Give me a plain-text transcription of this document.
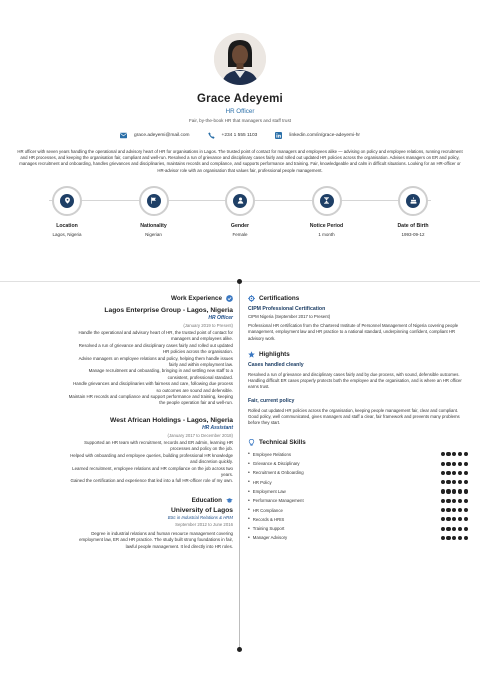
Grace Adeyemi
HR Officer
Fair, by-the-book HR that managers and staff trust
grace.adeyemi@mail.com	+234 1 555 1103	linkedin.com/in/grace-adeyemi-hr

HR officer with seven years handling the operational and advisory heart of HR for organisations in Lagos. The trusted point of contact for managers and employees alike — advising on policy and employee relations, running recruitment and HR processes, and keeping the organisation fair, compliant and well-run. Resolved a run of grievance and disciplinary cases fairly and rolled out updated HR policies across the organisation. Advises managers on ER and policy, manages recruitment and onboarding, handles grievances and disciplinaries, maintains records and compliance, and supports performance and training. Fair, knowledgeable and calm in difficult situations. Looking for an HR-officer or HR-advisor role with an organisation that values fair, professional people management.

Location
Lagos, Nigeria
Nationality
Nigerian
Gender
Female
Notice Period
1 month
Date of Birth
1993-09-12
Work Experience
Lagos Enterprise Group - Lagos, Nigeria
HR Officer
(January 2019 to Present)
Handle the operational and advisory heart of HR, the trusted point of contact for
managers and employees alike.
Resolved a run of grievance and disciplinary cases fairly and rolled out updated
HR policies across the organisation.
Advise managers on employee relations and policy, helping them handle issues
fairly and within employment law.
Manage recruitment and onboarding, bringing in and settling new staff to a
consistent, professional standard.
Handle grievances and disciplinaries with fairness and care, following due process
so outcomes are sound and defensible.
Maintain HR records and compliance and support performance and training, keeping
the people operation fair and well-run.
West African Holdings - Lagos, Nigeria
HR Assistant
(January 2017 to December 2018)
Supported an HR team with recruitment, records and ER admin, learning HR
processes and policy on the job.
Helped with onboarding and employee queries, building professional HR knowledge
and discretion quickly.
Learned recruitment, employee relations and HR compliance on the job across two
years.
Gained the certification and experience that led into a full HR-officer role of my own.
Education
University of Lagos
BSc in Industrial Relations & HRM
September 2012 to June 2016
Degree in industrial relations and human resource management covering
employment law, ER and HR practice. The study built strong foundations in fair,
lawful people management. It led directly into HR roles.
Certifications
CIPM Professional Certification
CIPM Nigeria (September 2017 to Present)

Professional HR certification from the Chartered Institute of Personnel Management of Nigeria covering people management, employment law and HR practice to a national standard, underpinning confident, compliant HR advisory work.

Highlights
Cases handled cleanly

Resolved a run of grievance and disciplinary cases fairly and by due process, with sound, defensible outcomes. Handling difficult ER cases properly protects both the employee and the organisation, and is where an HR officer earns trust.

Fair, current policy

Rolled out updated HR policies across the organisation, keeping people management fair, clear and compliant. Good policy, well communicated, gives managers and staff a clear, fair framework and prevents many problems before they start.

Technical Skills
• Employee Relations
• Grievance & Disciplinary
• Recruitment & Onboarding
• HR Policy
• Employment Law
• Performance Management
• HR Compliance
• Records & HRIS
• Training Support
• Manager Advisory
